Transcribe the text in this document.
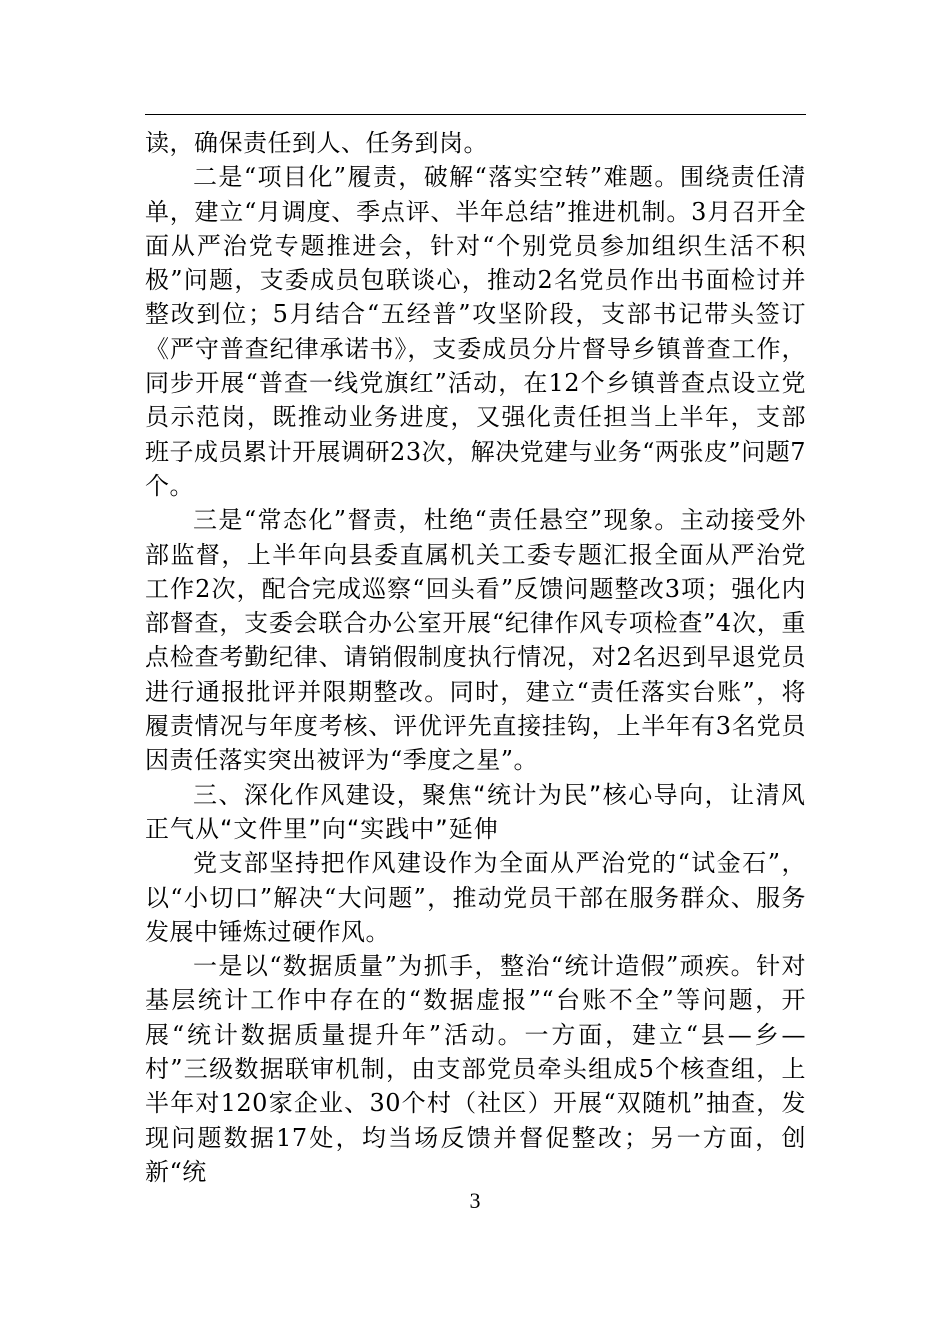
读，确保责任到人、任务到岗。

二是“项目化”履责，破解“落实空转”难题。围绕责任清单，建立“月调度、季点评、半年总结”推进机制。3月召开全面从严治党专题推进会，针对“个别党员参加组织生活不积极”问题，支委成员包联谈心，推动2名党员作出书面检讨并整改到位；5月结合“五经普”攻坚阶段，支部书记带头签订《严守普查纪律承诺书》，支委成员分片督导乡镇普查工作，同步开展“普查一线党旗红”活动，在12个乡镇普查点设立党员示范岗，既推动业务进度，又强化责任担当上半年，支部班子成员累计开展调研23次，解决党建与业务“两张皮”问题7个。

三是“常态化”督责，杜绝“责任悬空”现象。主动接受外部监督，上半年向县委直属机关工委专题汇报全面从严治党工作2次，配合完成巡察“回头看”反馈问题整改3项；强化内部督查，支委会联合办公室开展“纪律作风专项检查”4次，重点检查考勤纪律、请销假制度执行情况，对2名迟到早退党员进行通报批评并限期整改。同时，建立“责任落实台账”，将履责情况与年度考核、评优评先直接挂钩，上半年有3名党员因责任落实突出被评为“季度之星”。

三、深化作风建设，聚焦“统计为民”核心导向，让清风正气从“文件里”向“实践中”延伸

党支部坚持把作风建设作为全面从严治党的“试金石”，以“小切口”解决“大问题”，推动党员干部在服务群众、服务发展中锤炼过硬作风。

一是以“数据质量”为抓手，整治“统计造假”顽疾。针对基层统计工作中存在的“数据虚报”“台账不全”等问题，开展“统计数据质量提升年”活动。一方面，建立“县—乡—村”三级数据联审机制，由支部党员牵头组成5个核查组，上半年对120家企业、30个村（社区）开展“双随机”抽查，发现问题数据17处，均当场反馈并督促整改；另一方面，创新“统

3
